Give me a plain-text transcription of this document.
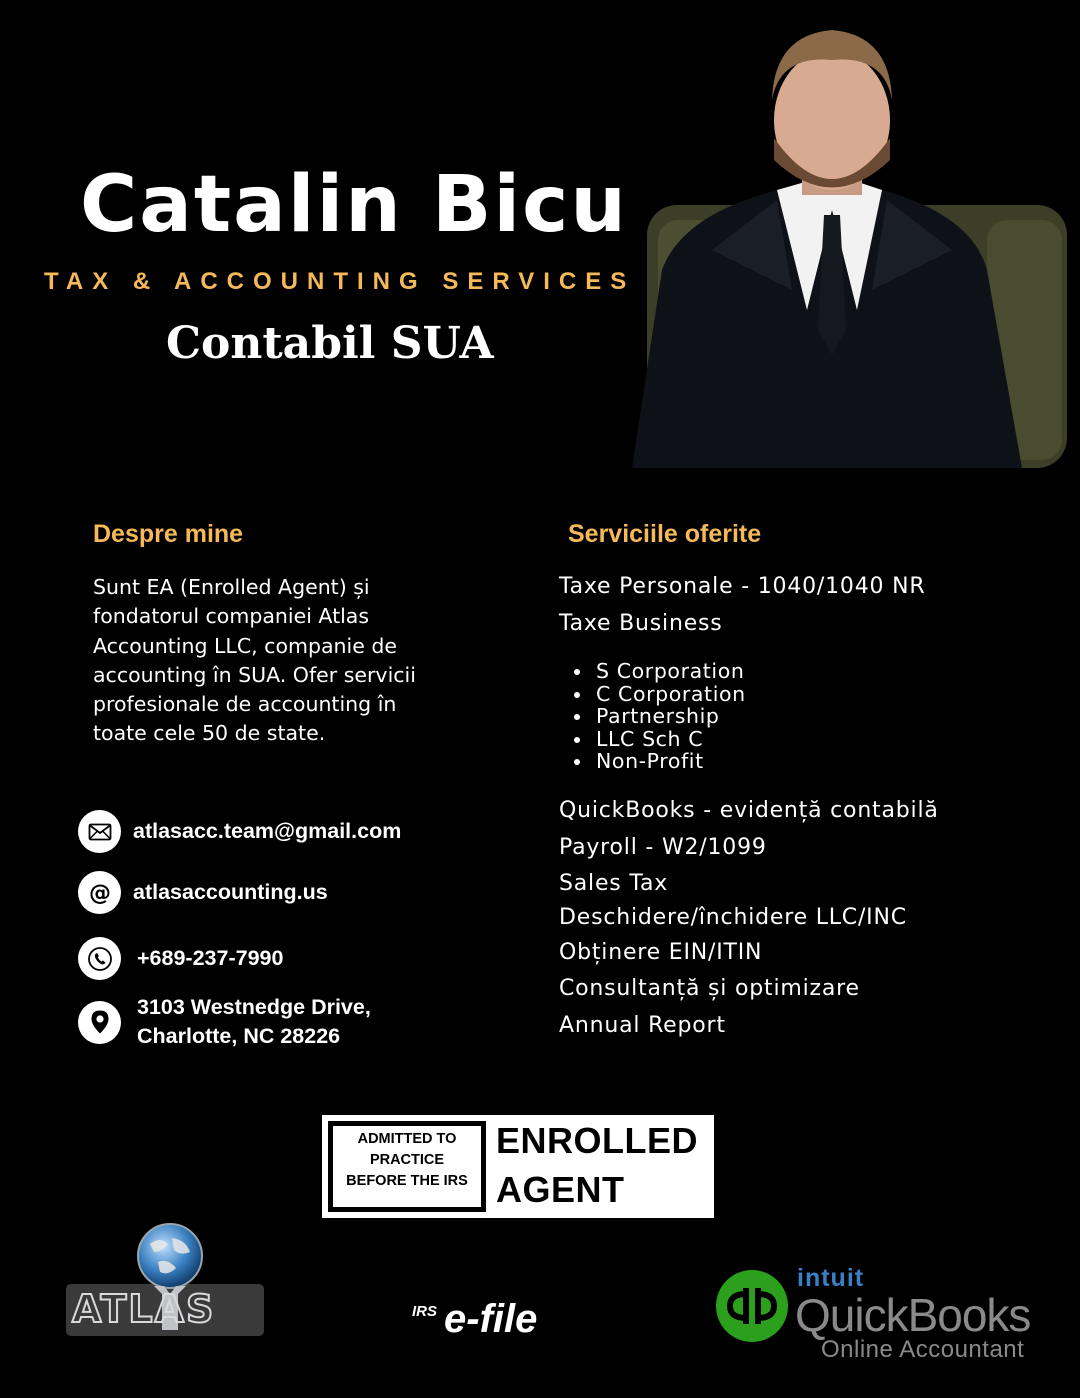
Catalin Bicu
TAX & ACCOUNTING SERVICES
Contabil SUA
Despre mine
Sunt EA (Enrolled Agent) și
fondatorul companiei Atlas
Accounting LLC, companie de
accounting în SUA. Ofer servicii
profesionale de accounting în
toate cele 50 de state.
atlasacc.team@gmail.com
@ atlasaccounting.us
+689-237-7990
3103 Westnedge Drive,
Charlotte, NC 28226
Serviciile oferite
Taxe Personale - 1040/1040 NR
Taxe Business
S Corporation
C Corporation
Partnership
LLC Sch C
Non-Profit
QuickBooks - evidență contabilă
Payroll - W2/1099
Sales Tax
Deschidere/închidere LLC/INC
Obținere EIN/ITIN
Consultanță și optimizare
Annual Report
ADMITTED TO
PRACTICE
BEFORE THE IRS
ENROLLED
AGENT
ATLAS	IRS e-file
intuit
QuickBooks
Online Accountant
